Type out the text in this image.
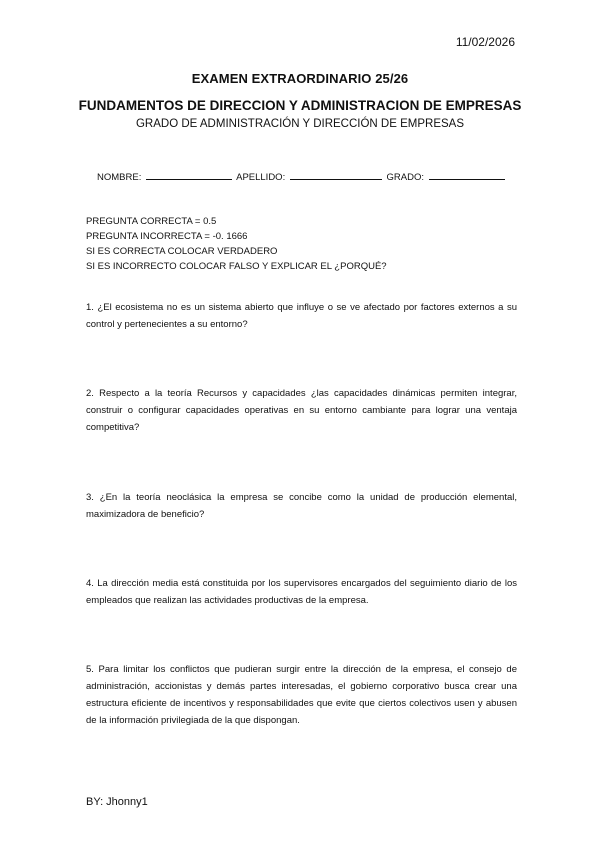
11/02/2026
EXAMEN EXTRAORDINARIO 25/26
FUNDAMENTOS DE DIRECCION Y ADMINISTRACION DE EMPRESAS
GRADO DE ADMINISTRACIÓN Y DIRECCIÓN DE EMPRESAS
NOMBRE:	APELLIDO:	GRADO:
PREGUNTA CORRECTA = 0.5
PREGUNTA INCORRECTA = -0. 1666
SI ES CORRECTA COLOCAR VERDADERO
SI ES INCORRECTO COLOCAR FALSO Y EXPLICAR EL ¿PORQUÉ?
1. ¿El ecosistema no es un sistema abierto que influye o se ve afectado por factores externos a su control y pertenecientes a su entorno?
2. Respecto a la teoría Recursos y capacidades ¿las capacidades dinámicas permiten integrar, construir o configurar capacidades operativas en su entorno cambiante para lograr una ventaja competitiva?
3. ¿En la teoría neoclásica la empresa se concibe como la unidad de producción elemental, maximizadora de beneficio?
4. La dirección media está constituida por los supervisores encargados del seguimiento diario de los empleados que realizan las actividades productivas de la empresa.
5. Para limitar los conflictos que pudieran surgir entre la dirección de la empresa, el consejo de administración, accionistas y demás partes interesadas, el gobierno corporativo busca crear una estructura eficiente de incentivos y responsabilidades que evite que ciertos colectivos usen y abusen de la información privilegiada de la que dispongan.
BY: Jhonny1
